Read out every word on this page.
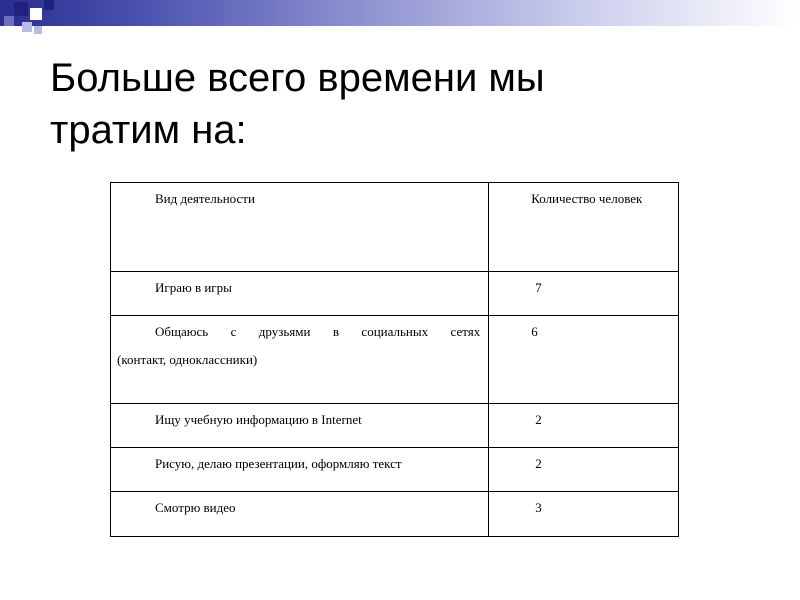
Больше всего времени мы
тратим на:
Вид деятельности	Количество человек

Играю в игры	7

Общаюсь с друзьями в социальных сетях
(контакт, одноклассники)	6

Ищу учебную информацию в Internet	2

Рисую, делаю презентации, оформляю текст	2

Смотрю видео	3
